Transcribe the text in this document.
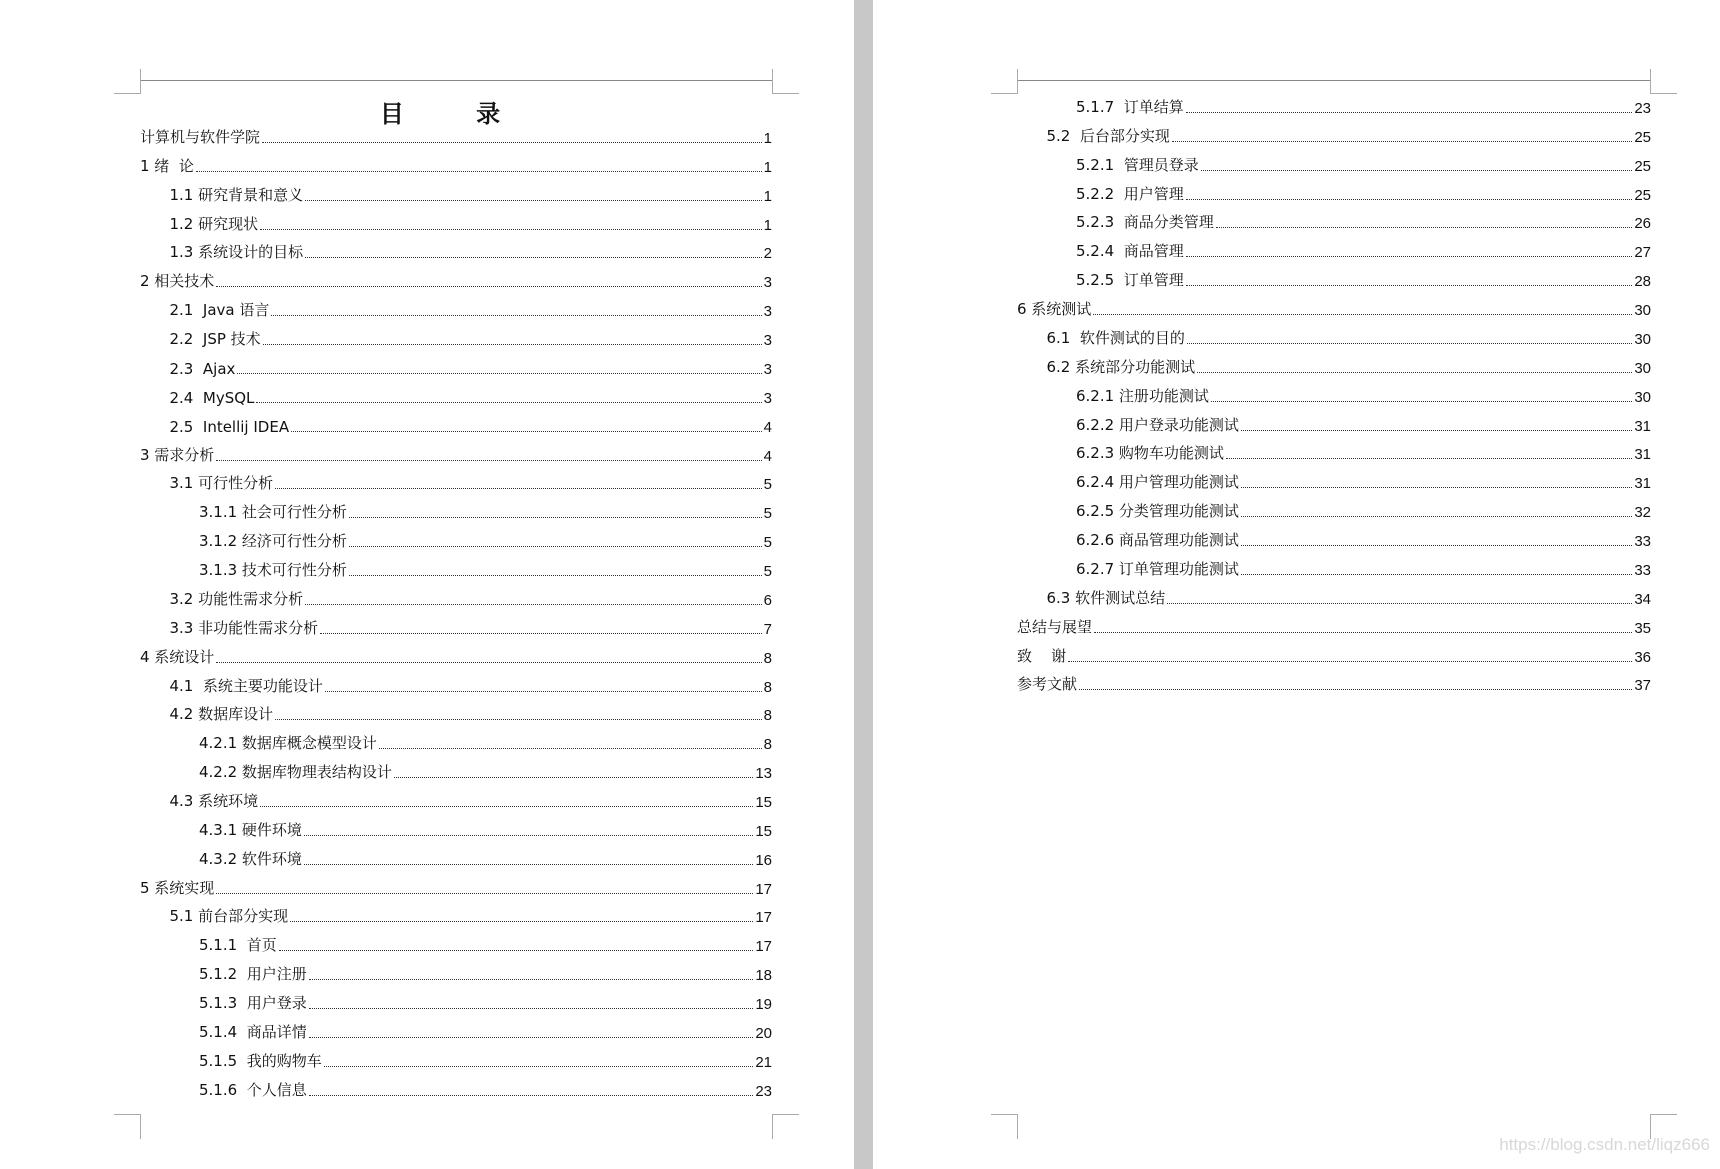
目 录
计算机与软件学院	1
1 绪  论	1
1.1 研究背景和意义	1
1.2 研究现状	1
1.3 系统设计的目标	2
2 相关技术	3
2.1  Java 语言	3
2.2  JSP 技术	3
2.3  Ajax	3
2.4  MySQL	3
2.5  Intellij IDEA	4
3 需求分析	4
3.1 可行性分析	5
3.1.1 社会可行性分析	5
3.1.2 经济可行性分析	5
3.1.3 技术可行性分析	5
3.2 功能性需求分析	6
3.3 非功能性需求分析	7
4 系统设计	8
4.1  系统主要功能设计	8
4.2 数据库设计	8
4.2.1 数据库概念模型设计	8
4.2.2 数据库物理表结构设计	13
4.3 系统环境	15
4.3.1 硬件环境	15
4.3.2 软件环境	16
5 系统实现	17
5.1 前台部分实现	17
5.1.1  首页	17
5.1.2  用户注册	18
5.1.3  用户登录	19
5.1.4  商品详情	20
5.1.5  我的购物车	21
5.1.6  个人信息	23
5.1.7  订单结算	23
5.2  后台部分实现	25
5.2.1  管理员登录	25
5.2.2  用户管理	25
5.2.3  商品分类管理	26
5.2.4  商品管理	27
5.2.5  订单管理	28
6 系统测试	30
6.1  软件测试的目的	30
6.2 系统部分功能测试	30
6.2.1 注册功能测试	30
6.2.2 用户登录功能测试	31
6.2.3 购物车功能测试	31
6.2.4 用户管理功能测试	31
6.2.5 分类管理功能测试	32
6.2.6 商品管理功能测试	33
6.2.7 订单管理功能测试	33
6.3 软件测试总结	34
总结与展望	35
致    谢	36
参考文献	37
https://blog.csdn.net/liqz666
